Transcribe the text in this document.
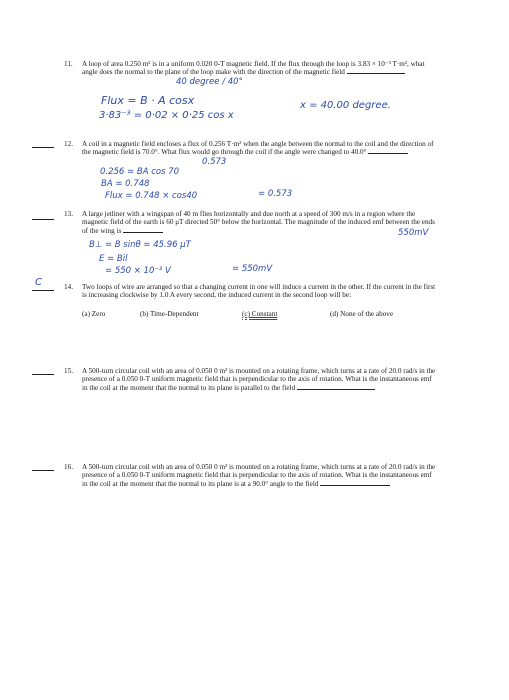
11. A loop of area 0.250 m² is in a uniform 0.020 0-T magnetic field. If the flux through the loop is 3.83 × 10⁻³ T·m², what angle does the normal to the plane of the loop make with the direction of the magnetic field
40 degree / 40°
Flux = B · A cosx
3·83⁻³ = 0·02 × 0·25 cos x
x = 40.00 degree.
12. A coil in a magnetic field encloses a flux of 0.256 T·m² when the angle between the normal to the coil and the direction of the magnetic field is 70.0°. What flux would go through the coil if the angle were changed to 40.0°
0.573
0.256 = BA cos 70
BA = 0.748
Flux = 0.748 × cos40	= 0.573
13. A large jetliner with a wingspan of 40 m flies horizontally and due north at a speed of 300 m/s in a region where the magnetic field of the earth is 60 μT directed 50° below the horizontal. The magnitude of the induced emf between the ends of the wing is	550mV
B⊥ = B sinθ = 45.96 μT
E = Bil
= 550 × 10⁻³ V	= 550mV
C	14. Two loops of wire are arranged so that a changing current in one will induce a current in the other. If the current in the first is increasing clockwise by 1.0 A every second, the induced current in the second loop will be:
(a) Zero	(b) Time-Dependent	(c) Constant	(d) None of the above
15. A 500-turn circular coil with an area of 0.050 0 m² is mounted on a rotating frame, which turns at a rate of 20.0 rad/s in the presence of a 0.050 0-T uniform magnetic field that is perpendicular to the axis of rotation. What is the instantaneous emf in the coil at the moment that the normal to its plane is parallel to the field
16. A 500-turn circular coil with an area of 0.050 0 m² is mounted on a rotating frame, which turns at a rate of 20.0 rad/s in the presence of a 0.050 0-T uniform magnetic field that is perpendicular to the axis of rotation. What is the instantaneous emf in the coil at the moment that the normal to its plane is at a 90.0° angle to the field
